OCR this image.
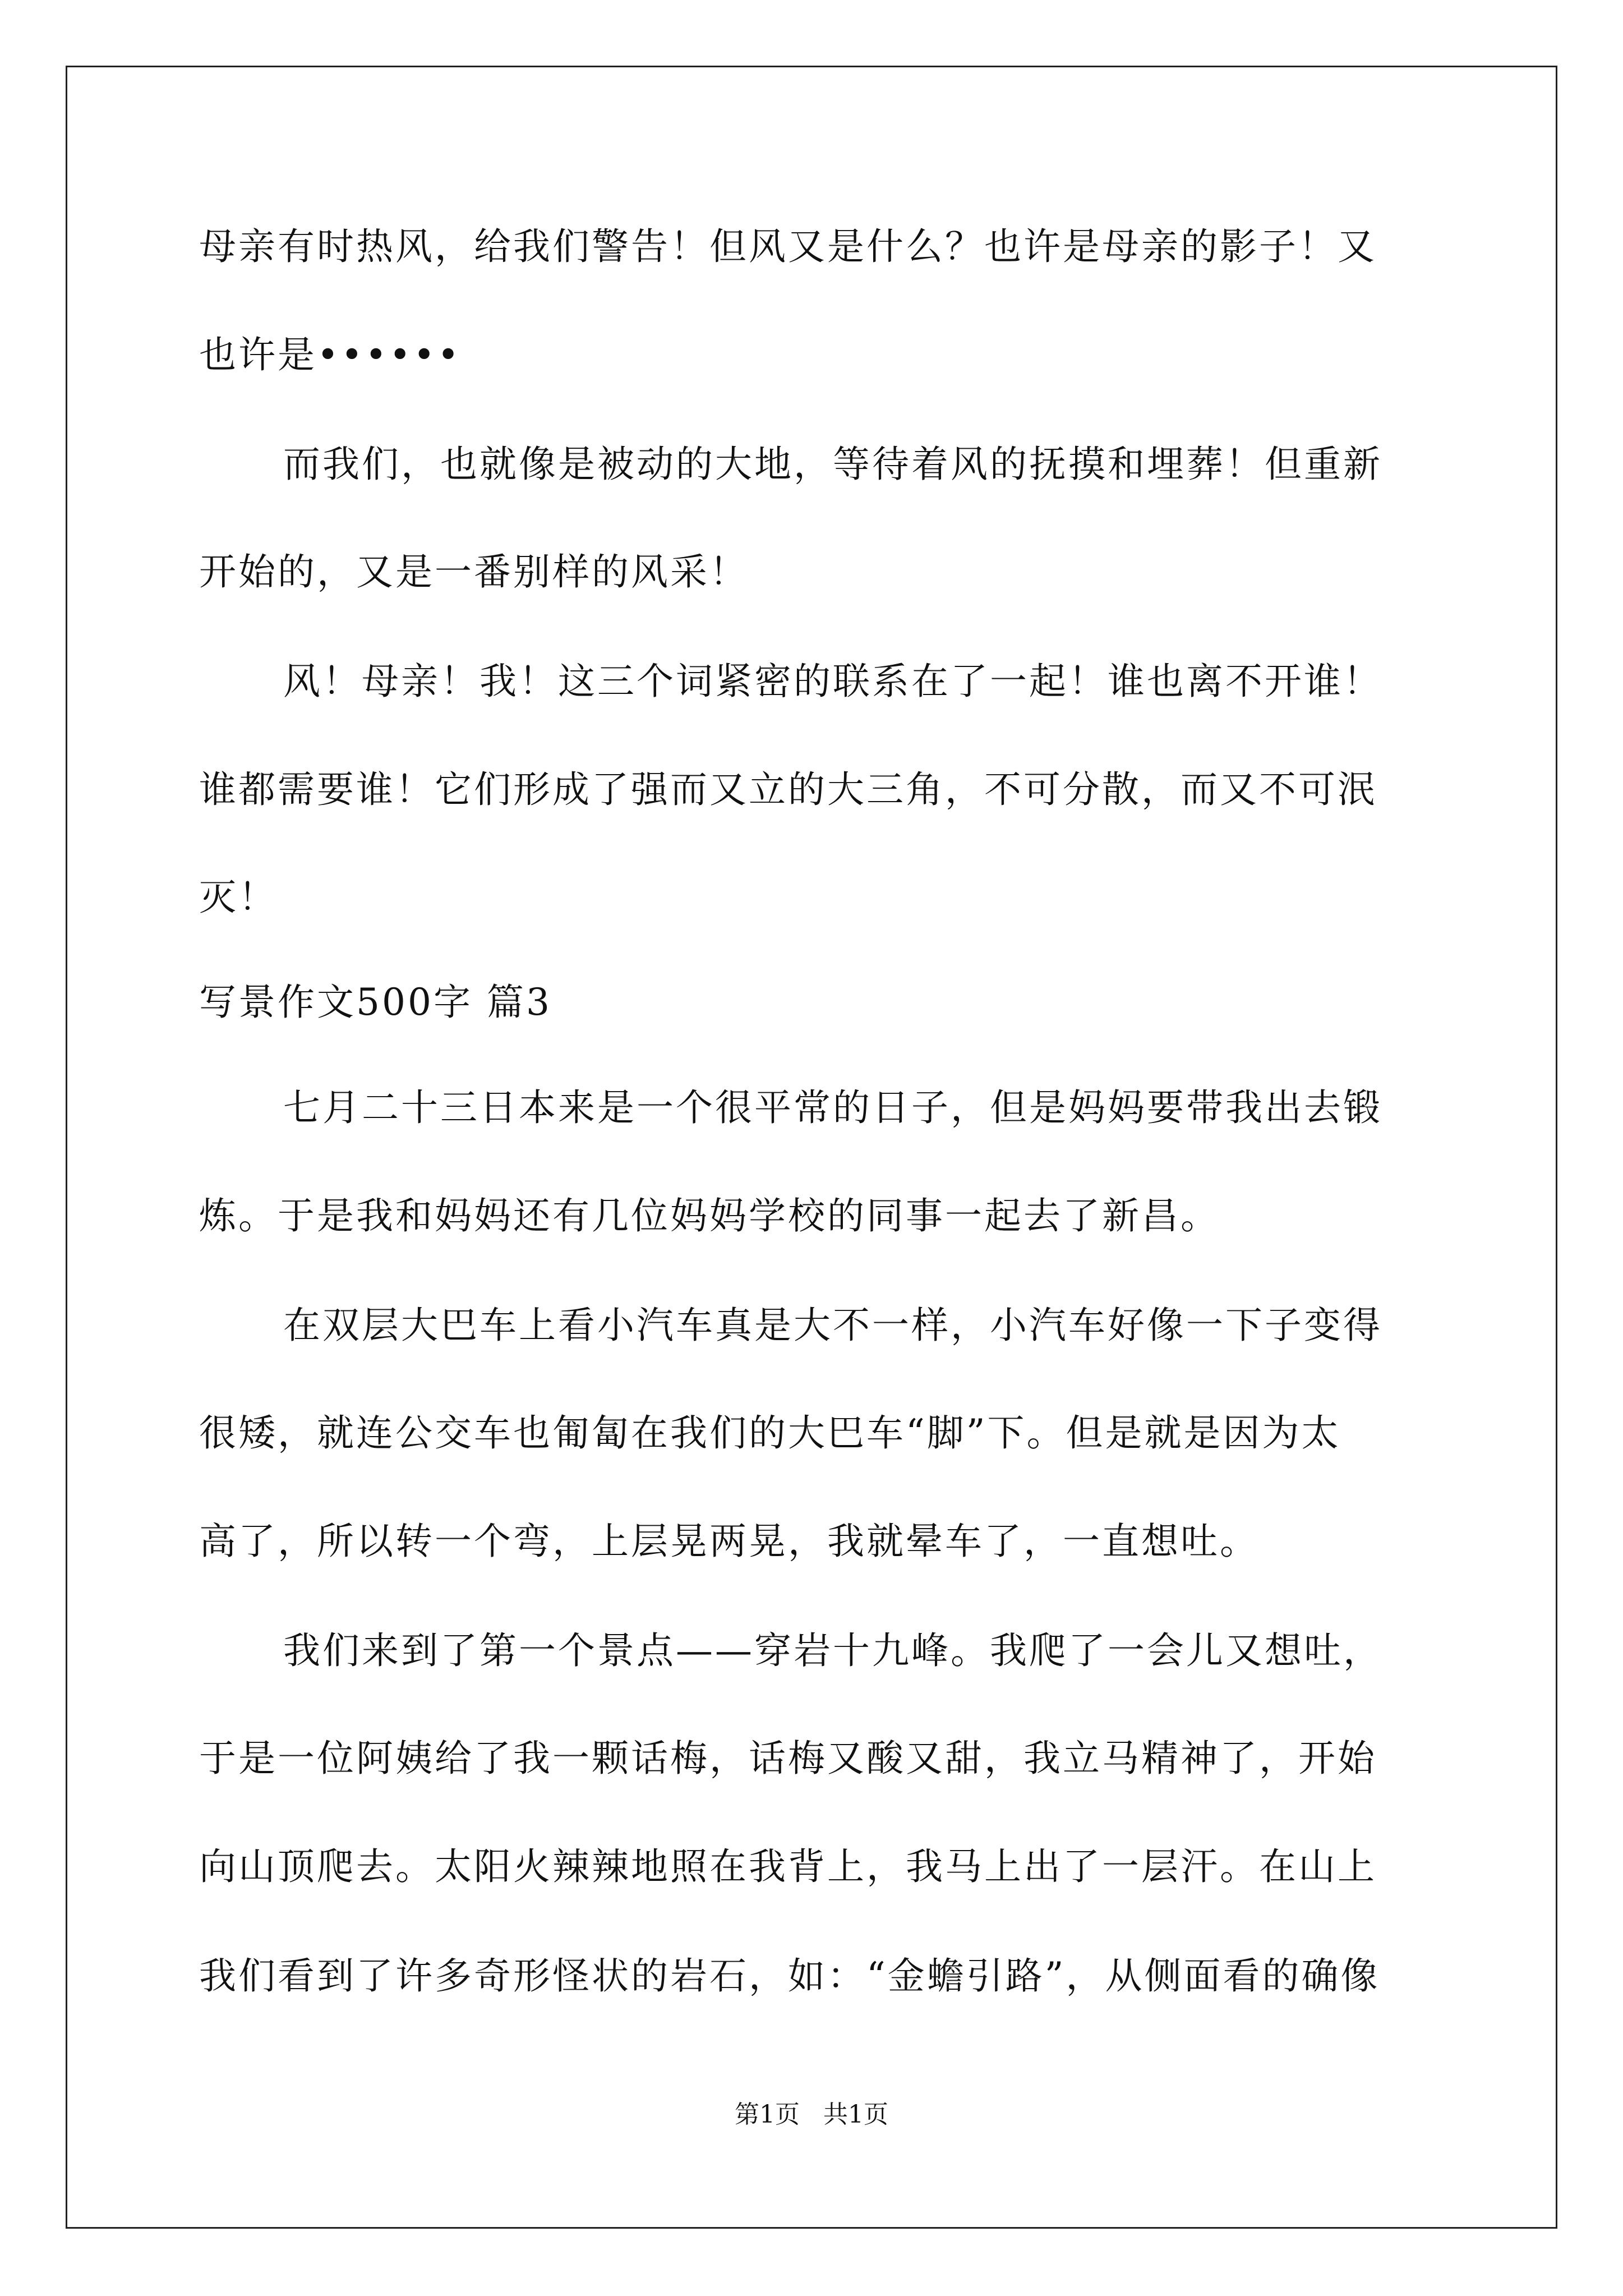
母亲有时热风，给我们警告！但风又是什么？也许是母亲的影子！又
也许是••••••
而我们，也就像是被动的大地，等待着风的抚摸和埋葬！但重新
开始的，又是一番别样的风采！
风！母亲！我！这三个词紧密的联系在了一起！谁也离不开谁！
谁都需要谁！它们形成了强而又立的大三角，不可分散，而又不可泯
灭！
写景作文500字 篇3
七月二十三日本来是一个很平常的日子，但是妈妈要带我出去锻
炼。于是我和妈妈还有几位妈妈学校的同事一起去了新昌。
在双层大巴车上看小汽车真是大不一样，小汽车好像一下子变得
很矮，就连公交车也匍匐在我们的大巴车“脚”下。但是就是因为太
高了，所以转一个弯，上层晃两晃，我就晕车了，一直想吐。
我们来到了第一个景点——穿岩十九峰。我爬了一会儿又想吐，
于是一位阿姨给了我一颗话梅，话梅又酸又甜，我立马精神了，开始
向山顶爬去。太阳火辣辣地照在我背上，我马上出了一层汗。在山上
我们看到了许多奇形怪状的岩石，如：“金蟾引路”，从侧面看的确像
第1页   共1页
